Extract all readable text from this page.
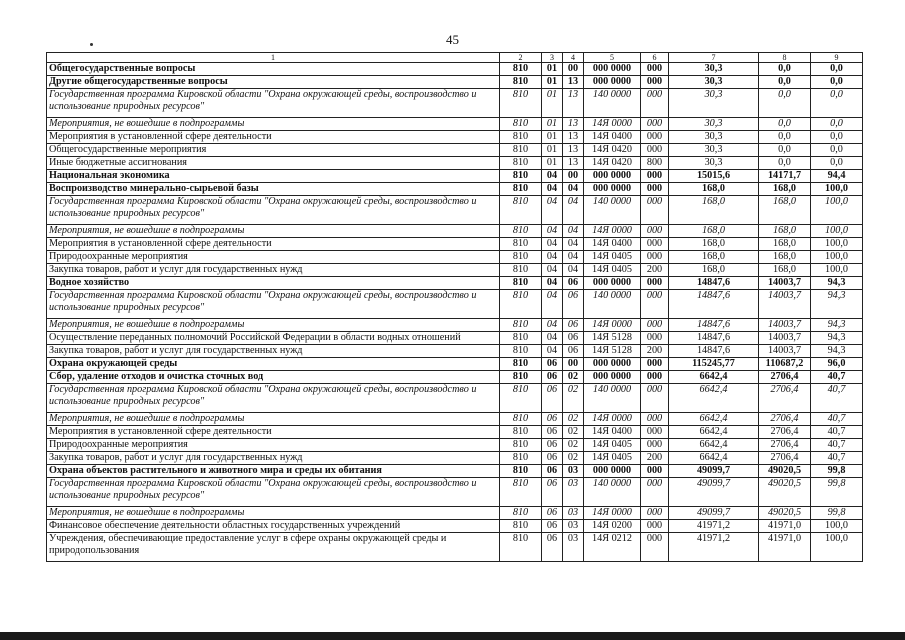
45
1	2	3	4	5	6	7	8	9
Общегосударственные вопросы	810	01	00	000 0000	000	30,3	0,0	0,0
Другие общегосударственные вопросы	810	01	13	000 0000	000	30,3	0,0	0,0
Государственная программа Кировской области "Охрана окружающей среды, воспроизводство и использование природных ресурсов"	810	01	13	140 0000	000	30,3	0,0	0,0
Мероприятия, не вошедшие в подпрограммы	810	01	13	14Я 0000	000	30,3	0,0	0,0
Мероприятия в установленной сфере деятельности	810	01	13	14Я 0400	000	30,3	0,0	0,0
Общегосударственные мероприятия	810	01	13	14Я 0420	000	30,3	0,0	0,0
Иные бюджетные ассигнования	810	01	13	14Я 0420	800	30,3	0,0	0,0
Национальная экономика	810	04	00	000 0000	000	15015,6	14171,7	94,4
Воспроизводство минерально-сырьевой базы	810	04	04	000 0000	000	168,0	168,0	100,0
Государственная программа Кировской области "Охрана окружающей среды, воспроизводство и использование природных ресурсов"	810	04	04	140 0000	000	168,0	168,0	100,0
Мероприятия, не вошедшие в подпрограммы	810	04	04	14Я 0000	000	168,0	168,0	100,0
Мероприятия в установленной сфере деятельности	810	04	04	14Я 0400	000	168,0	168,0	100,0
Природоохранные мероприятия	810	04	04	14Я 0405	000	168,0	168,0	100,0
Закупка товаров, работ и услуг для государственных нужд	810	04	04	14Я 0405	200	168,0	168,0	100,0
Водное хозяйство	810	04	06	000 0000	000	14847,6	14003,7	94,3
Государственная программа Кировской области "Охрана окружающей среды, воспроизводство и использование природных ресурсов"	810	04	06	140 0000	000	14847,6	14003,7	94,3
Мероприятия, не вошедшие в подпрограммы	810	04	06	14Я 0000	000	14847,6	14003,7	94,3
Осуществление переданных полномочий Российской Федерации в области водных отношений	810	04	06	14Я 5128	000	14847,6	14003,7	94,3
Закупка товаров, работ и услуг для государственных нужд	810	04	06	14Я 5128	200	14847,6	14003,7	94,3
Охрана окружающей среды	810	06	00	000 0000	000	115245,77	110687,2	96,0
Сбор, удаление отходов и очистка сточных вод	810	06	02	000 0000	000	6642,4	2706,4	40,7
Государственная программа Кировской области "Охрана окружающей среды, воспроизводство и использование природных ресурсов"	810	06	02	140 0000	000	6642,4	2706,4	40,7
Мероприятия, не вошедшие в подпрограммы	810	06	02	14Я 0000	000	6642,4	2706,4	40,7
Мероприятия в установленной сфере деятельности	810	06	02	14Я 0400	000	6642,4	2706,4	40,7
Природоохранные мероприятия	810	06	02	14Я 0405	000	6642,4	2706,4	40,7
Закупка товаров, работ и услуг для государственных нужд	810	06	02	14Я 0405	200	6642,4	2706,4	40,7
Охрана объектов растительного и животного мира и среды их обитания	810	06	03	000 0000	000	49099,7	49020,5	99,8
Государственная программа Кировской области "Охрана окружающей среды, воспроизводство и использование природных ресурсов"	810	06	03	140 0000	000	49099,7	49020,5	99,8
Мероприятия, не вошедшие в подпрограммы	810	06	03	14Я 0000	000	49099,7	49020,5	99,8
Финансовое обеспечение деятельности областных государственных учреждений	810	06	03	14Я 0200	000	41971,2	41971,0	100,0
Учреждения, обеспечивающие предоставление услуг в сфере охраны окружающей среды и природопользования	810	06	03	14Я 0212	000	41971,2	41971,0	100,0
